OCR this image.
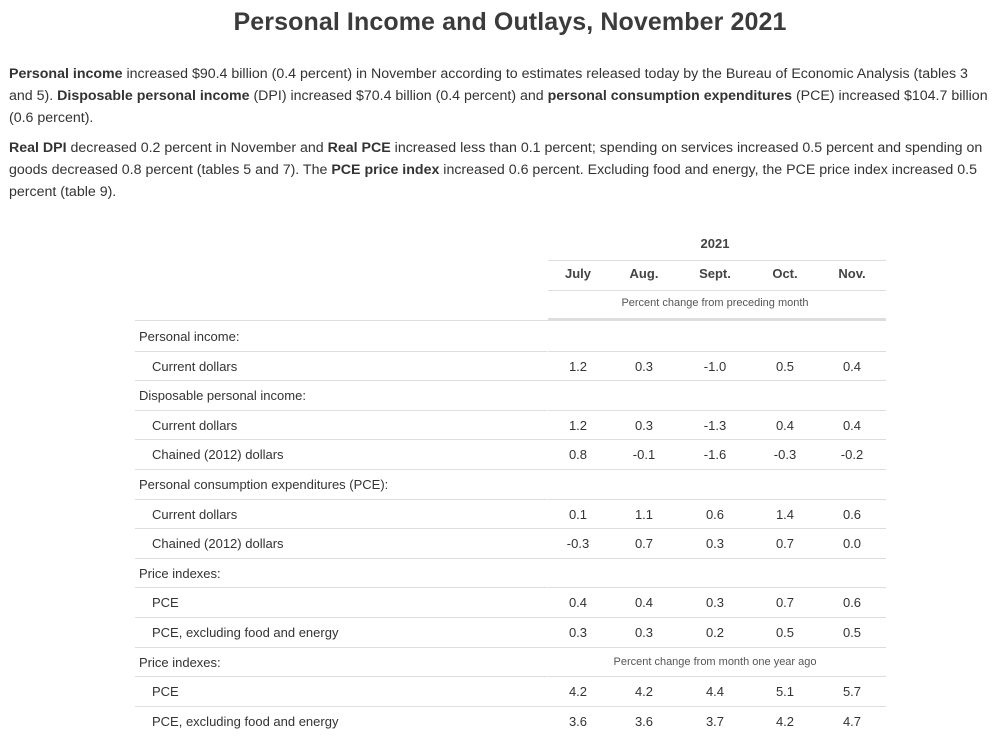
Personal Income and Outlays, November 2021

Personal income increased $90.4 billion (0.4 percent) in November according to estimates released today by the Bureau of Economic Analysis (tables 3 and 5). Disposable personal income (DPI) increased $70.4 billion (0.4 percent) and personal consumption expenditures (PCE) increased $104.7 billion (0.6 percent).

Real DPI decreased 0.2 percent in November and Real PCE increased less than 0.1 percent; spending on services increased 0.5 percent and spending on goods decreased 0.8 percent (tables 5 and 7). The PCE price index increased 0.6 percent. Excluding food and energy, the PCE price index increased 0.5 percent (table 9).

2021
July	Aug.	Sept.	Oct.	Nov.
Percent change from preceding month
Personal income:
Current dollars	1.2	0.3	-1.0	0.5	0.4
Disposable personal income:
Current dollars	1.2	0.3	-1.3	0.4	0.4
Chained (2012) dollars	0.8	-0.1	-1.6	-0.3	-0.2
Personal consumption expenditures (PCE):
Current dollars	0.1	1.1	0.6	1.4	0.6
Chained (2012) dollars	-0.3	0.7	0.3	0.7	0.0
Price indexes:
PCE	0.4	0.4	0.3	0.7	0.6
PCE, excluding food and energy	0.3	0.3	0.2	0.5	0.5
Price indexes:	Percent change from month one year ago
PCE	4.2	4.2	4.4	5.1	5.7
PCE, excluding food and energy	3.6	3.6	3.7	4.2	4.7
